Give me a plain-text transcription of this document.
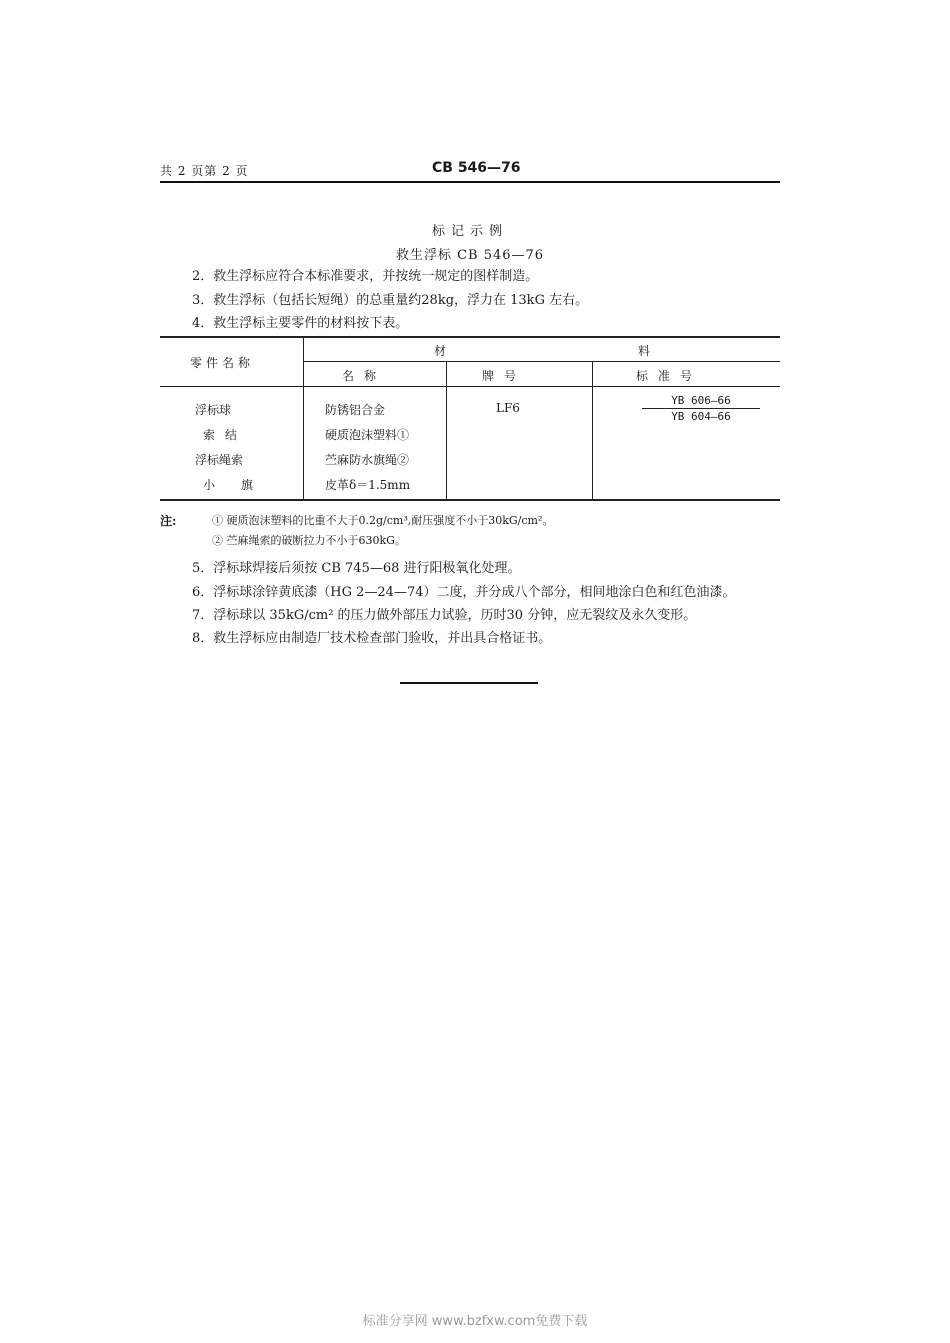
共 2 页第 2 页	CB 546—76
标记示例
救生浮标 CB 546—76
2．救生浮标应符合本标准要求，并按统一规定的图样制造。
3．救生浮标（包括长短绳）的总重量约28kg，浮力在 13kG 左右。
4．救生浮标主要零件的材料按下表。
零件名称
材	料
名称	牌号	标准号
浮标球	防锈铝合金	LF6	$\frac{YB 606—66}{YB 604—66}$
索结	硬质泡沫塑料①
浮标绳索	苎麻防水旗绳②
小旗	皮革δ＝1.5mm
注:	① 硬质泡沫塑料的比重不大于0.2g/cm³,耐压强度不小于30kG/cm²。
② 苎麻绳索的破断拉力不小于630kG。
5．浮标球焊接后须按 CB 745—68 进行阳极氧化处理。
6．浮标球涂锌黄底漆（HG 2—24—74）二度，并分成八个部分，相间地涂白色和红色油漆。
7．浮标球以 35kG/cm² 的压力做外部压力试验，历时30 分钟，应无裂纹及永久变形。
8．救生浮标应由制造厂技术检查部门验收，并出具合格证书。
标准分享网 www.bzfxw.com免费下载
